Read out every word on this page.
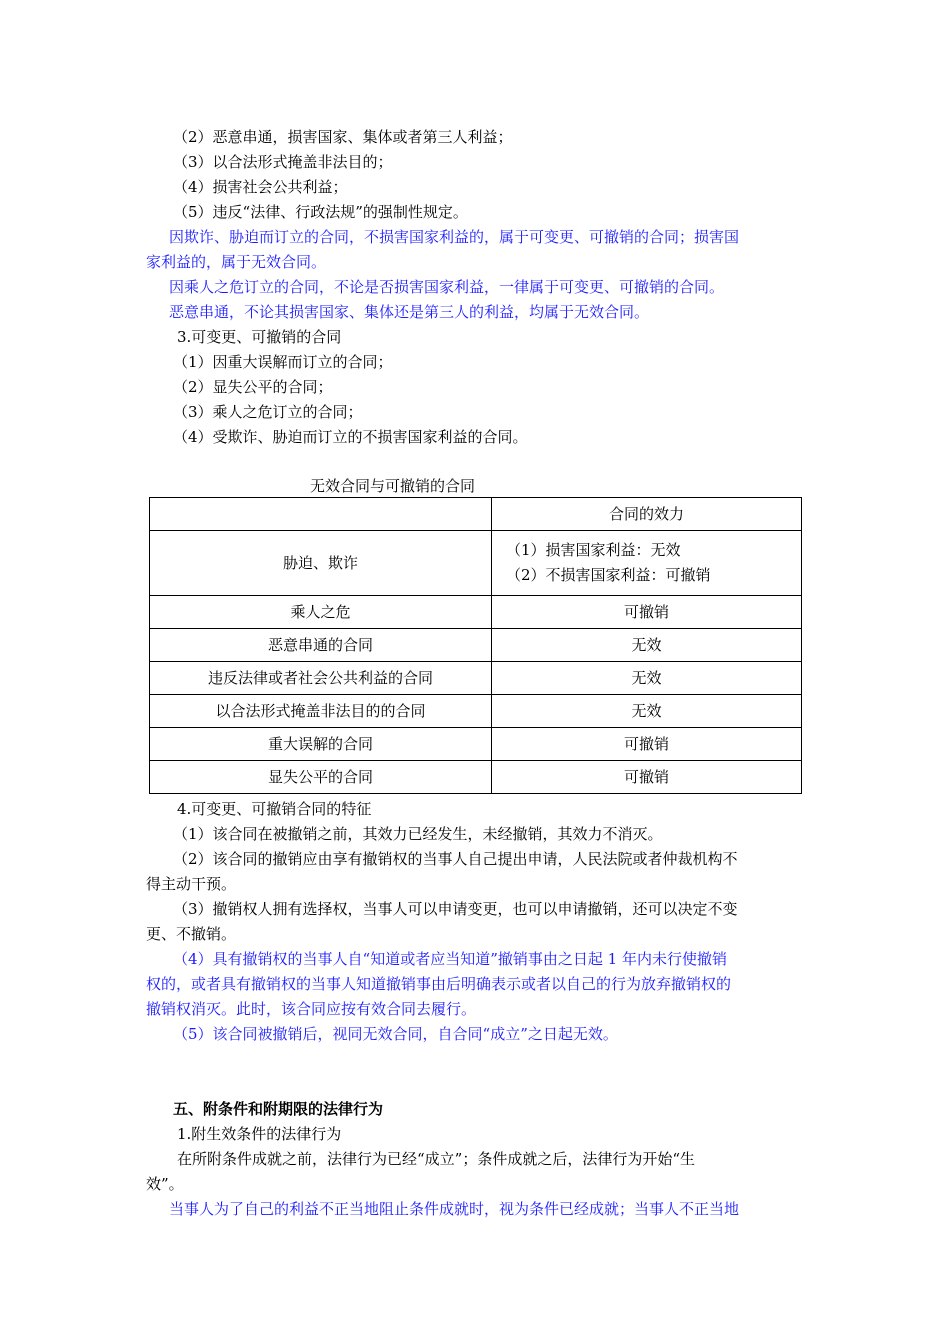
（2）恶意串通，损害国家、集体或者第三人利益；
（3）以合法形式掩盖非法目的；
（4）损害社会公共利益；
（5）违反“法律、行政法规”的强制性规定。
因欺诈、胁迫而订立的合同，不损害国家利益的，属于可变更、可撤销的合同；损害国
家利益的，属于无效合同。
因乘人之危订立的合同，不论是否损害国家利益，一律属于可变更、可撤销的合同。
恶意串通，不论其损害国家、集体还是第三人的利益，均属于无效合同。
3.可变更、可撤销的合同
（1）因重大误解而订立的合同；
（2）显失公平的合同；
（3）乘人之危订立的合同；
（4）受欺诈、胁迫而订立的不损害国家利益的合同。
无效合同与可撤销的合同
	合同的效力
胁迫、欺诈	（1）损害国家利益：无效
（2）不损害国家利益：可撤销

乘人之危	可撤销
恶意串通的合同	无效
违反法律或者社会公共利益的合同	无效
以合法形式掩盖非法目的的合同	无效
重大误解的合同	可撤销
显失公平的合同	可撤销
4.可变更、可撤销合同的特征
（1）该合同在被撤销之前，其效力已经发生，未经撤销，其效力不消灭。
（2）该合同的撤销应由享有撤销权的当事人自己提出申请，人民法院或者仲裁机构不
得主动干预。
（3）撤销权人拥有选择权，当事人可以申请变更，也可以申请撤销，还可以决定不变
更、不撤销。
（4）具有撤销权的当事人自“知道或者应当知道”撤销事由之日起 1 年内未行使撤销
权的，或者具有撤销权的当事人知道撤销事由后明确表示或者以自己的行为放弃撤销权的
撤销权消灭。此时，该合同应按有效合同去履行。
（5）该合同被撤销后，视同无效合同，自合同“成立”之日起无效。
五、附条件和附期限的法律行为
1.附生效条件的法律行为
在所附条件成就之前，法律行为已经“成立”；条件成就之后，法律行为开始“生
效”。
当事人为了自己的利益不正当地阻止条件成就时，视为条件已经成就；当事人不正当地
